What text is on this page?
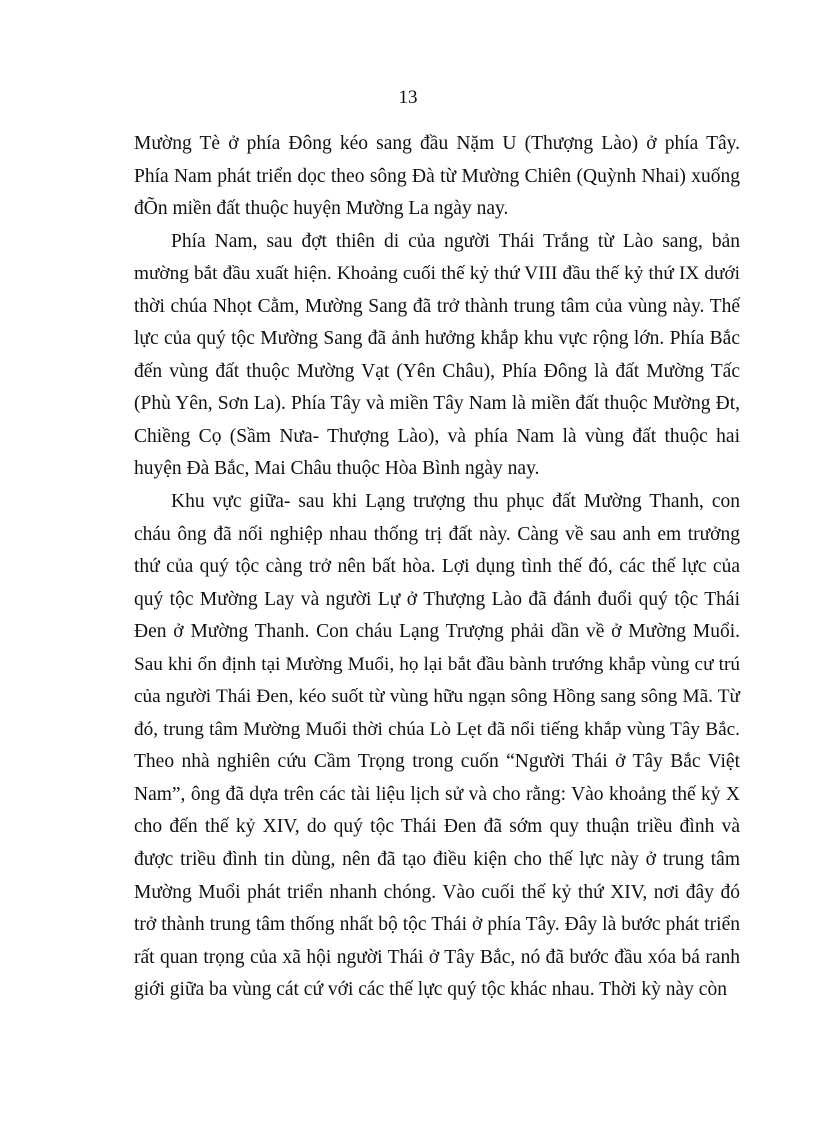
13
Mường Tè ở phía Đông kéo sang đầu Nặm U (Thượng Lào) ở phía Tây.
Phía Nam phát triển dọc theo sông Đà từ Mường Chiên (Quỳnh Nhai) xuống
đÕn miền đất thuộc huyện Mường La ngày nay.
Phía Nam, sau đợt thiên di của người Thái Trắng từ Lào sang, bản
mường bắt đầu xuất hiện. Khoảng cuối thế kỷ thứ VIII đầu thế kỷ thứ IX dưới
thời chúa Nhọt Cằm, Mường Sang đã trở thành trung tâm của vùng này. Thế
lực của quý tộc Mường Sang đã ảnh hưởng khắp khu vực rộng lớn. Phía Bắc
đến vùng đất thuộc Mường Vạt (Yên Châu), Phía Đông là đất Mường Tấc
(Phù Yên, Sơn La). Phía Tây và miền Tây Nam là miền đất thuộc Mường Đt,
Chiềng Cọ (Sầm Nưa- Thượng Lào), và phía Nam là vùng đất thuộc hai
huyện Đà Bắc, Mai Châu thuộc Hòa Bình ngày nay.
Khu vực giữa- sau khi Lạng trượng thu phục đất Mường Thanh, con
cháu ông đã nối nghiệp nhau thống trị đất này. Càng về sau anh em trưởng
thứ của quý tộc càng trở nên bất hòa. Lợi dụng tình thế đó, các thế lực của
quý tộc Mường Lay và người Lự ở Thượng Lào đã đánh đuổi quý tộc Thái
Đen ở Mường Thanh. Con cháu Lạng Trượng phải dần về ở Mường Muổi.
Sau khi ổn định tại Mường Muổi, họ lại bắt đầu bành trướng khắp vùng cư trú
của người Thái Đen, kéo suốt từ vùng hữu ngạn sông Hồng sang sông Mã. Từ
đó, trung tâm Mường Muổi thời chúa Lò Lẹt đã nổi tiếng khắp vùng Tây Bắc.
Theo nhà nghiên cứu Cầm Trọng trong cuốn “Người Thái ở Tây Bắc Việt
Nam”, ông đã dựa trên các tài liệu lịch sử và cho rằng: Vào khoảng thế kỷ X
cho đến thế kỷ XIV, do quý tộc Thái Đen đã sớm quy thuận triều đình và
được triều đình tin dùng, nên đã tạo điều kiện cho thế lực này ở trung tâm
Mường Muổi phát triển nhanh chóng. Vào cuối thế kỷ thứ XIV, nơi đây đó
trở thành trung tâm thống nhất bộ tộc Thái ở phía Tây. Đây là bước phát triển
rất quan trọng của xã hội người Thái ở Tây Bắc, nó đã bước đầu xóa bá ranh
giới giữa ba vùng cát cứ với các thế lực quý tộc khác nhau. Thời kỳ này còn
